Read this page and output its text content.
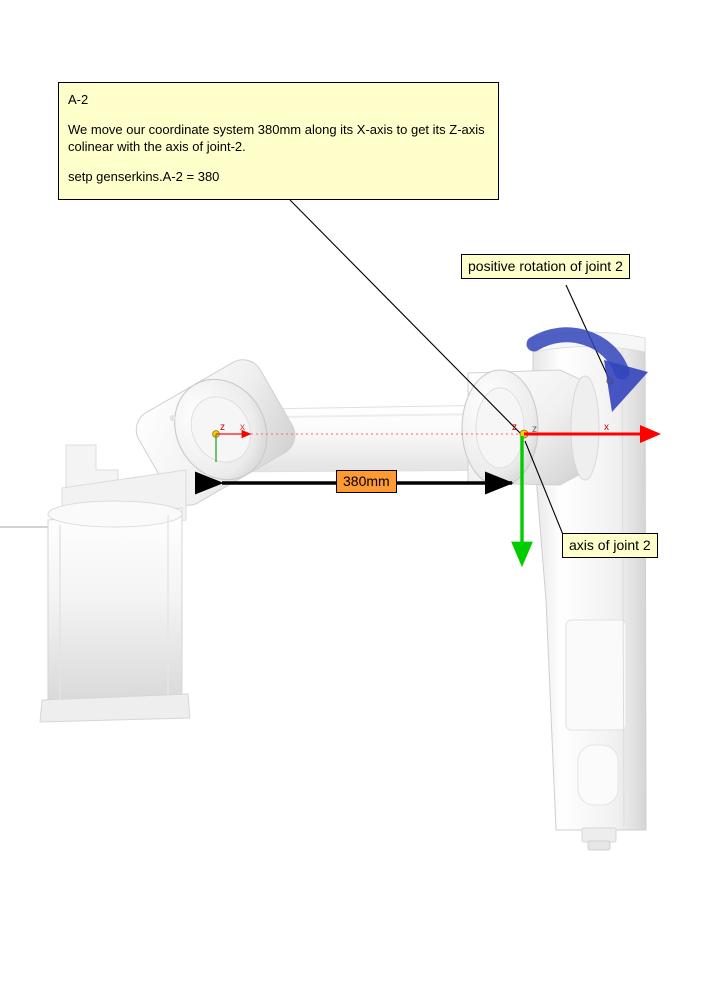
z x	z z	x
A-2
We move our coordinate system 380mm along its X-axis to get its Z-axis colinear with the axis of joint-2.
setp genserkins.A-2 = 380
positive rotation of joint 2
axis of joint 2
380mm
